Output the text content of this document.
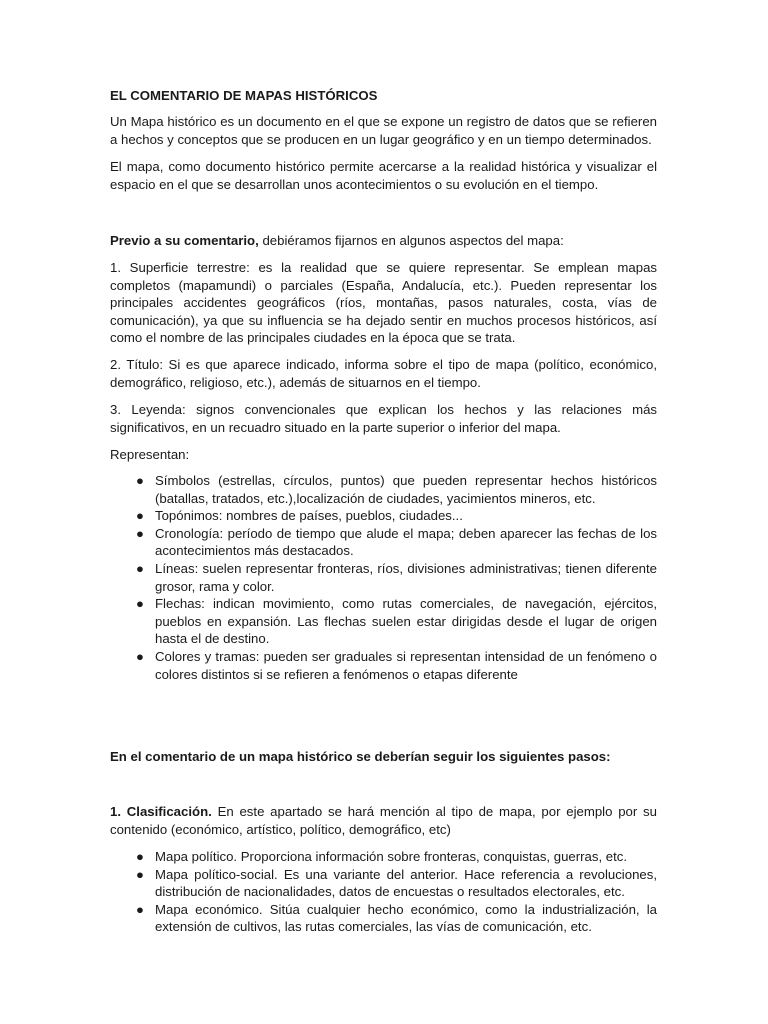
EL COMENTARIO DE MAPAS HISTÓRICOS

Un Mapa histórico es un documento en el que se expone un registro de datos que se refieren a hechos y conceptos que se producen en un lugar geográfico y en un tiempo determinados.

El mapa, como documento histórico permite acercarse a la realidad histórica y visualizar el espacio en el que se desarrollan unos acontecimientos o su evolución en el tiempo.

Previo a su comentario, debiéramos fijarnos en algunos aspectos del mapa:

1. Superficie terrestre: es la realidad que se quiere representar. Se emplean mapas completos (mapamundi) o parciales (España, Andalucía, etc.). Pueden representar los principales accidentes geográficos (ríos, montañas, pasos naturales, costa, vías de comunicación), ya que su influencia se ha dejado sentir en muchos procesos históricos, así como el nombre de las principales ciudades en la época que se trata.

2. Título: Si es que aparece indicado, informa sobre el tipo de mapa (político, económico, demográfico, religioso, etc.), además de situarnos en el tiempo.

3. Leyenda: signos convencionales que explican los hechos y las relaciones más significativos, en un recuadro situado en la parte superior o inferior del mapa.

Representan:

● Símbolos (estrellas, círculos, puntos) que pueden representar hechos históricos (batallas, tratados, etc.),localización de ciudades, yacimientos mineros, etc.
● Topónimos: nombres de países, pueblos, ciudades...
● Cronología: período de tiempo que alude el mapa; deben aparecer las fechas de los acontecimientos más destacados.
● Líneas: suelen representar fronteras, ríos, divisiones administrativas; tienen diferente grosor, rama y color.
● Flechas: indican movimiento, como rutas comerciales, de navegación, ejércitos, pueblos en expansión. Las flechas suelen estar dirigidas desde el lugar de origen hasta el de destino.
● Colores y tramas: pueden ser graduales si representan intensidad de un fenómeno o colores distintos si se refieren a fenómenos o etapas diferente

En el comentario de un mapa histórico se deberían seguir los siguientes pasos:

1. Clasificación. En este apartado se hará mención al tipo de mapa, por ejemplo por su contenido (económico, artístico, político, demográfico, etc)

● Mapa político. Proporciona información sobre fronteras, conquistas, guerras, etc.
● Mapa político-social. Es una variante del anterior. Hace referencia a revoluciones, distribución de nacionalidades, datos de encuestas o resultados electorales, etc.
● Mapa económico. Sitúa cualquier hecho económico, como la industrialización, la extensión de cultivos, las rutas comerciales, las vías de comunicación, etc.
